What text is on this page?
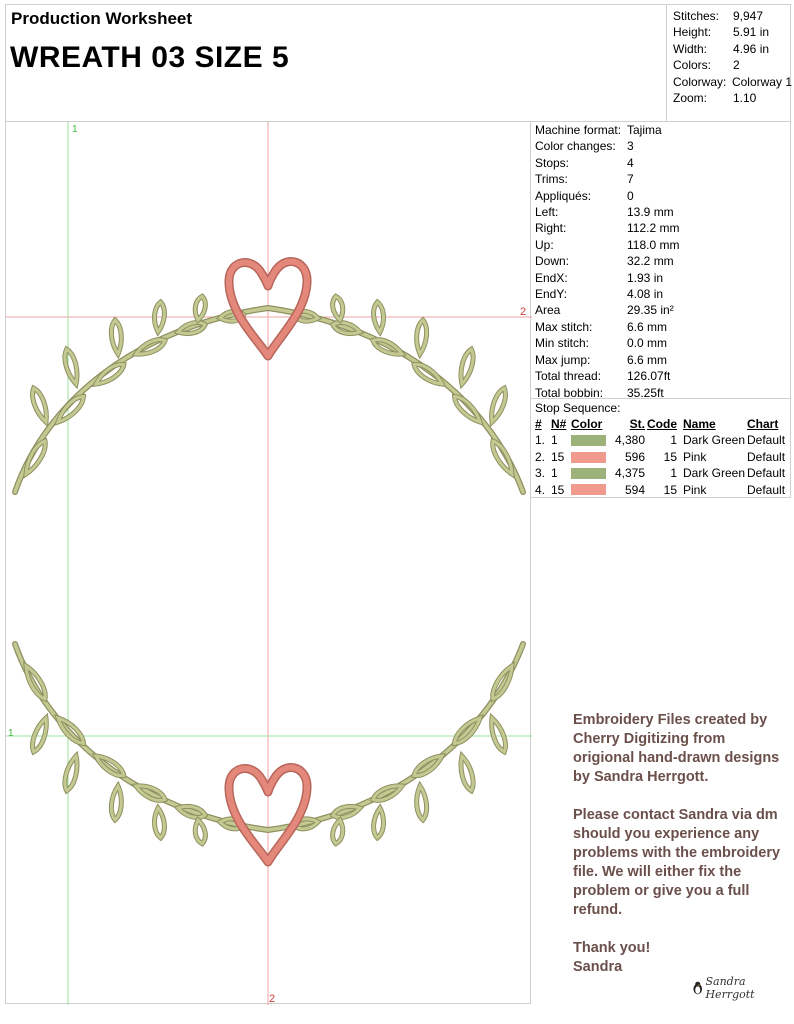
Production Worksheet
WREATH 03 SIZE 5
Stitches:	9,947
Height:	5.91 in
Width:	4.96 in
Colors:	2
Colorway: Colorway 1
Zoom:	1.10
1
2
1
2
Machine format: Tajima
Color changes: 3
Stops:	4
Trims:	7
Appliqués:	0
Left:	13.9 mm
Right:	112.2 mm
Up:	118.0 mm
Down:	32.2 mm
EndX:	1.93 in
EndY:	4.08 in
Area	29.35 in²
Max stitch:	6.6 mm
Min stitch:	0.0 mm
Max jump:	6.6 mm
Total thread:	126.07ft
Total bobbin:	35.25ft
Stop Sequence:
# N# Color	St. Code Name	Chart
1. 1	4,380	1 Dark Green Default
2. 15	596	15 Pink	Default
3. 1	4,375	1 Dark Green Default
4. 15	594	15 Pink	Default

Embroidery Files created by Cherry Digitizing from origional hand-drawn designs by Sandra Herrgott.

Please contact Sandra via dm should you experience any problems with the embroidery file. We will either fix the problem or give you a full refund.

Thank you!
Sandra

Sandra Herrgott
